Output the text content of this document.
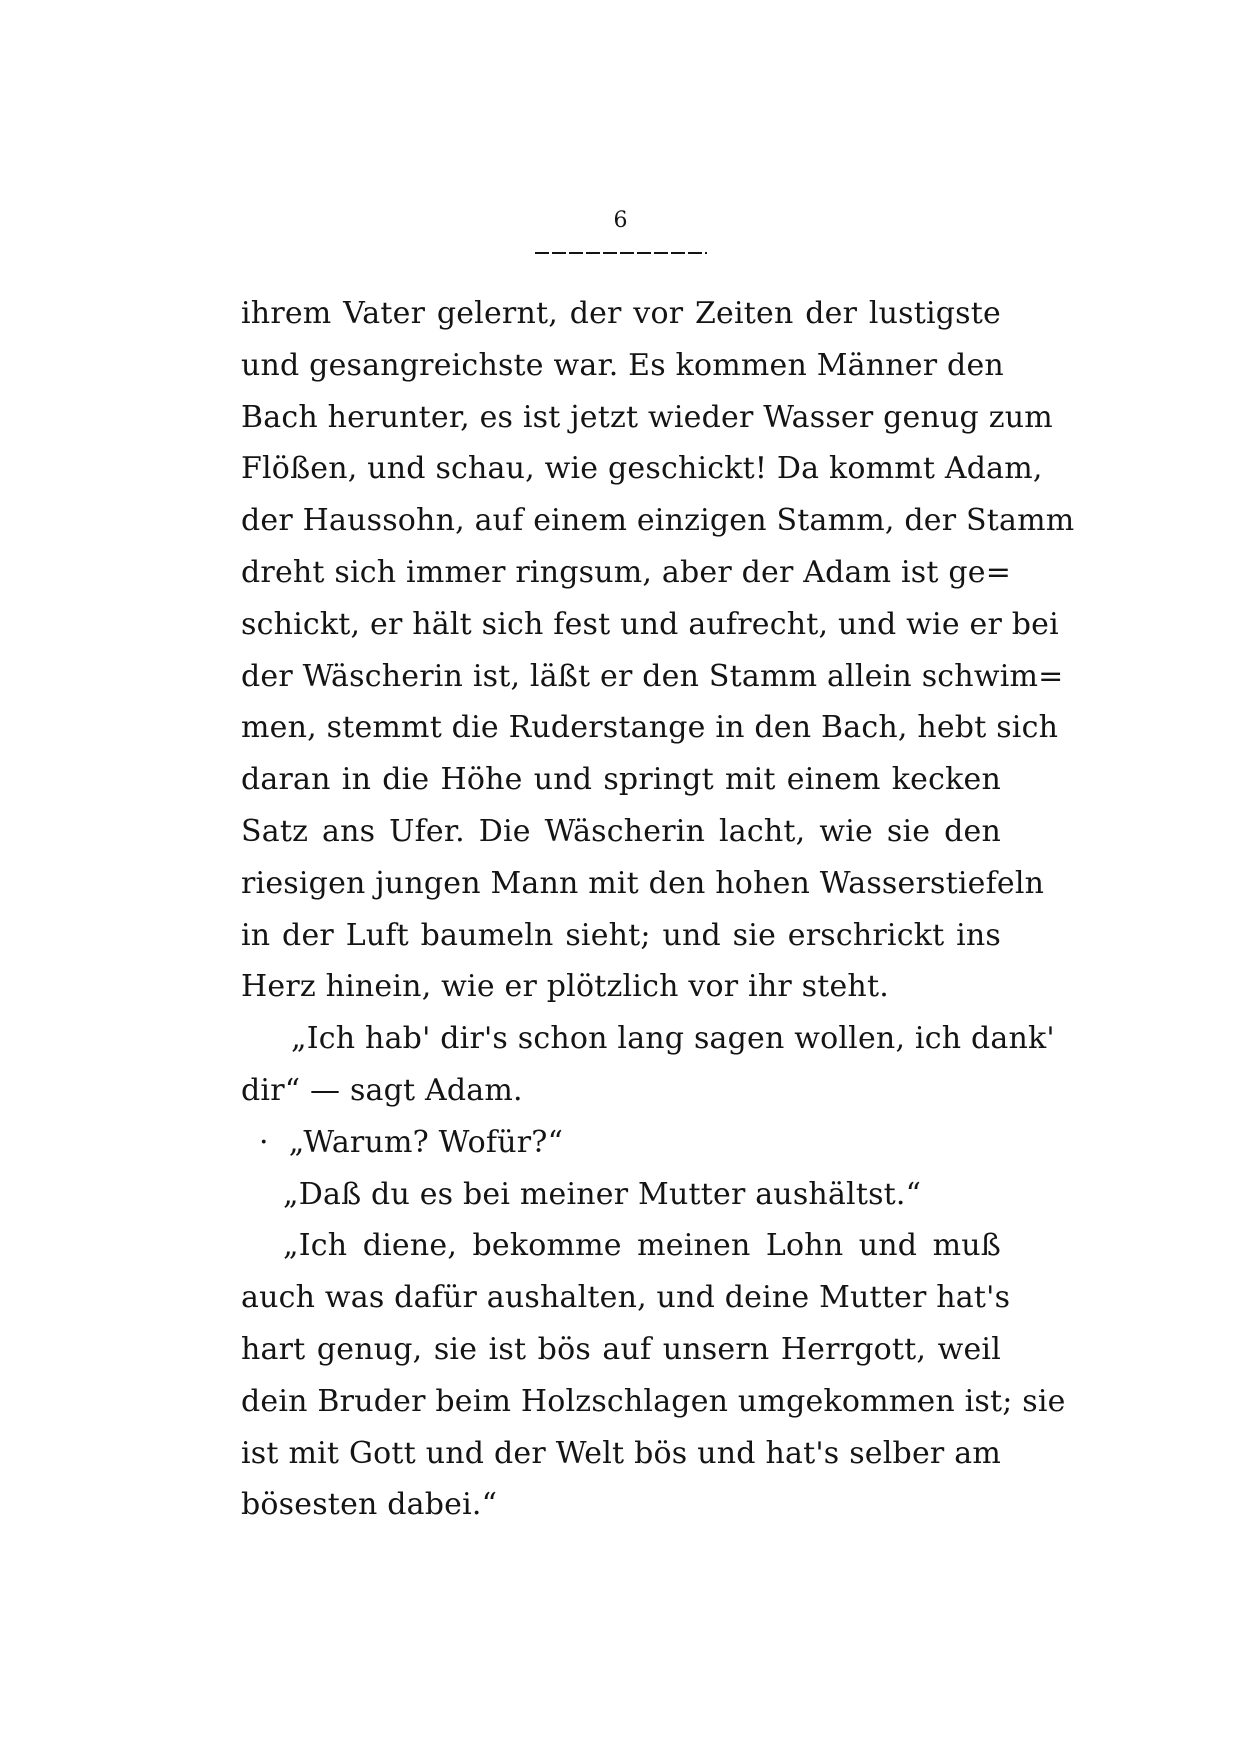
6
ihrem Vater gelernt, der vor Zeiten der lustigste
und gesangreichste war. Es kommen Männer den
Bach herunter, es ist jetzt wieder Wasser genug zum
Flößen, und schau, wie geschickt! Da kommt Adam,
der Haussohn, auf einem einzigen Stamm, der Stamm
dreht sich immer ringsum, aber der Adam ist ge=
schickt, er hält sich fest und aufrecht, und wie er bei
der Wäscherin ist, läßt er den Stamm allein schwim=
men, stemmt die Ruderstange in den Bach, hebt sich
daran in die Höhe und springt mit einem kecken
Satz ans Ufer. Die Wäscherin lacht, wie sie den
riesigen jungen Mann mit den hohen Wasserstiefeln
in der Luft baumeln sieht; und sie erschrickt ins
Herz hinein, wie er plötzlich vor ihr steht.
„Ich hab' dir's schon lang sagen wollen, ich dank'
dir“ — sagt Adam.
· „Warum? Wofür?“
„Daß du es bei meiner Mutter aushältst.“
„Ich diene, bekomme meinen Lohn und muß
auch was dafür aushalten, und deine Mutter hat's
hart genug, sie ist bös auf unsern Herrgott, weil
dein Bruder beim Holzschlagen umgekommen ist; sie
ist mit Gott und der Welt bös und hat's selber am
bösesten dabei.“
